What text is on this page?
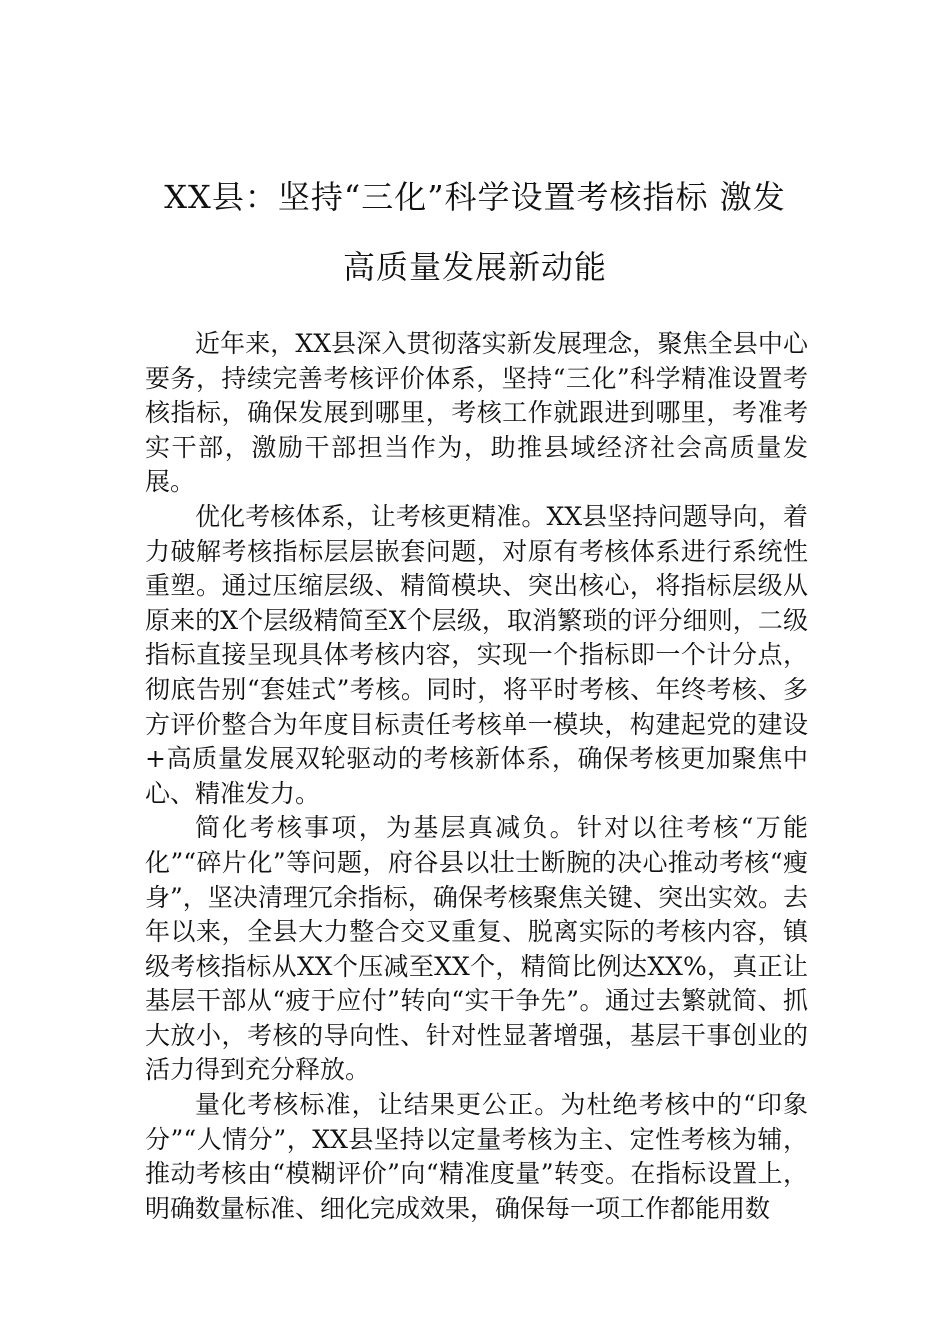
XX县：坚持“三化”科学设置考核指标 激发
高质量发展新动能

近年来，XX县深入贯彻落实新发展理念，聚焦全县中心要务，持续完善考核评价体系，坚持“三化”科学精准设置考核指标，确保发展到哪里，考核工作就跟进到哪里，考准考实干部，激励干部担当作为，助推县域经济社会高质量发展。

优化考核体系，让考核更精准。XX县坚持问题导向，着力破解考核指标层层嵌套问题，对原有考核体系进行系统性重塑。通过压缩层级、精简模块、突出核心，将指标层级从原来的X个层级精简至X个层级，取消繁琐的评分细则，二级指标直接呈现具体考核内容，实现一个指标即一个计分点，彻底告别“套娃式”考核。同时，将平时考核、年终考核、多方评价整合为年度目标责任考核单一模块，构建起党的建设+高质量发展双轮驱动的考核新体系，确保考核更加聚焦中心、精准发力。

简化考核事项，为基层真减负。针对以往考核“万能化”“碎片化”等问题，府谷县以壮士断腕的决心推动考核“瘦身”，坚决清理冗余指标，确保考核聚焦关键、突出实效。去年以来，全县大力整合交叉重复、脱离实际的考核内容，镇级考核指标从XX个压减至XX个，精简比例达XX%，真正让基层干部从“疲于应付”转向“实干争先”。通过去繁就简、抓大放小，考核的导向性、针对性显著增强，基层干事创业的活力得到充分释放。

量化考核标准，让结果更公正。为杜绝考核中的“印象分”“人情分”，XX县坚持以定量考核为主、定性考核为辅，推动考核由“模糊评价”向“精准度量”转变。在指标设置上，明确数量标准、细化完成效果，确保每一项工作都能用数
